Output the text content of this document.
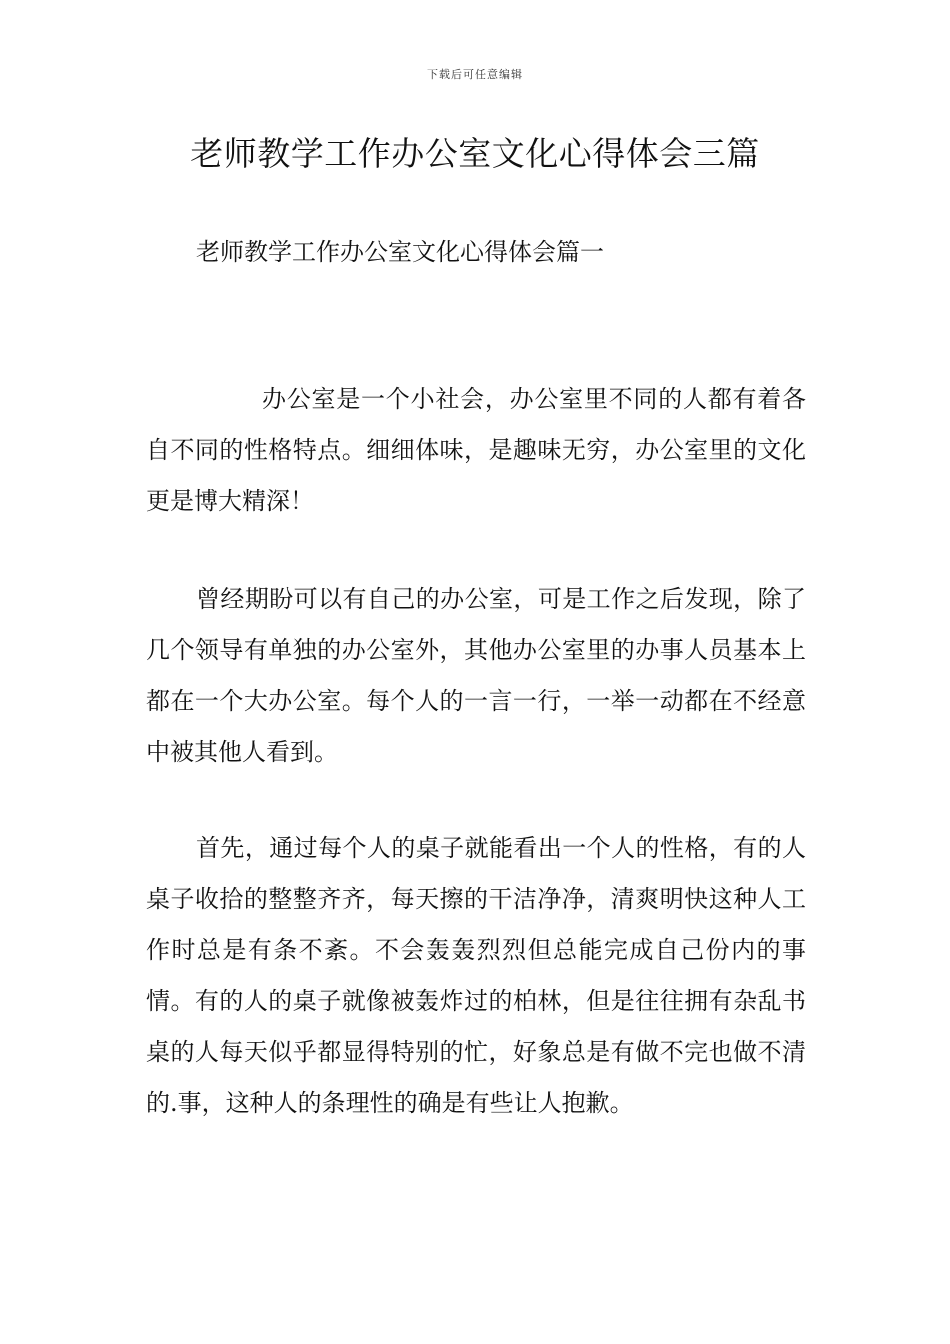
下载后可任意编辑
老师教学工作办公室文化心得体会三篇
老师教学工作办公室文化心得体会篇一

办公室是一个小社会，办公室里不同的人都有着各自不同的性格特点。细细体味，是趣味无穷，办公室里的文化更是博大精深！

曾经期盼可以有自己的办公室，可是工作之后发现，除了几个领导有单独的办公室外，其他办公室里的办事人员基本上都在一个大办公室。每个人的一言一行，一举一动都在不经意中被其他人看到。

首先，通过每个人的桌子就能看出一个人的性格，有的人桌子收拾的整整齐齐，每天擦的干洁净净，清爽明快这种人工作时总是有条不紊。不会轰轰烈烈但总能完成自己份内的事情。有的人的桌子就像被轰炸过的柏林，但是往往拥有杂乱书桌的人每天似乎都显得特别的忙，好象总是有做不完也做不清的.事，这种人的条理性的确是有些让人抱歉。
